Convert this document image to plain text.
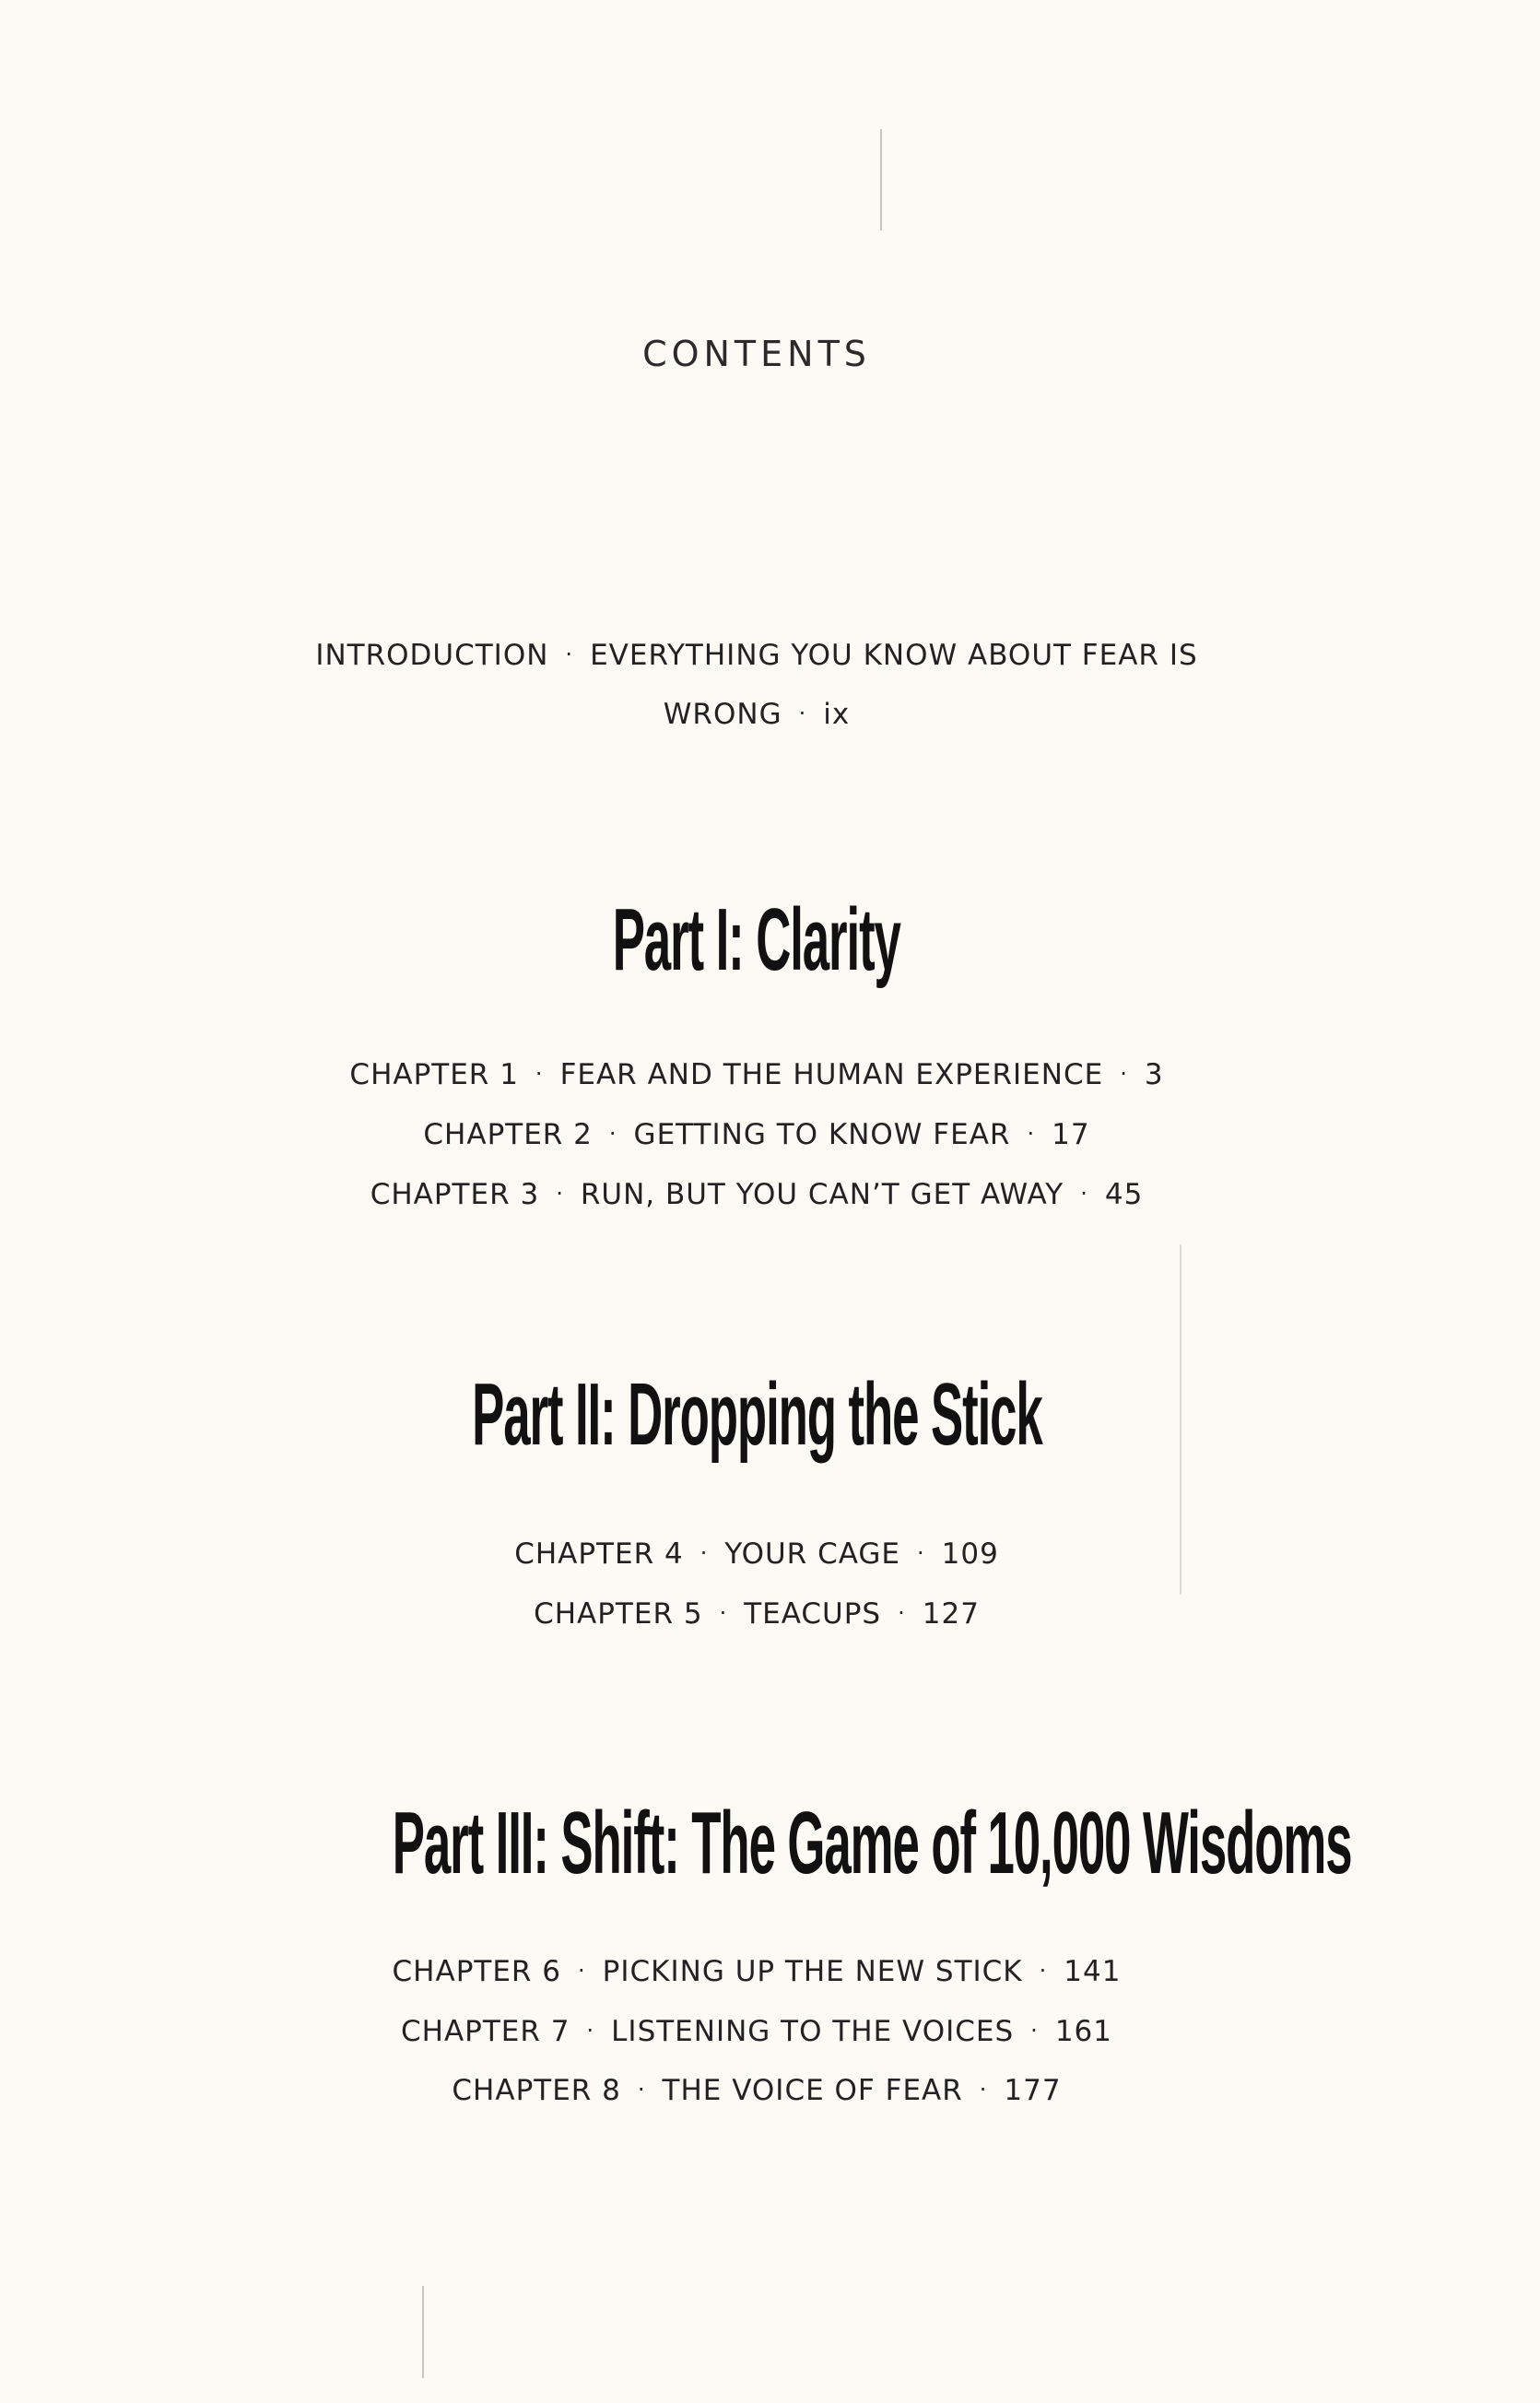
CONTENTS
INTRODUCTION · EVERYTHING YOU KNOW ABOUT FEAR IS
WRONG · ix
Part I: Clarity
CHAPTER 1 · FEAR AND THE HUMAN EXPERIENCE · 3
CHAPTER 2 · GETTING TO KNOW FEAR · 17
CHAPTER 3 · RUN, BUT YOU CAN’T GET AWAY · 45
Part II: Dropping the Stick
CHAPTER 4 · YOUR CAGE · 109
CHAPTER 5 · TEACUPS · 127
Part III: Shift: The Game of 10,000 Wisdoms
CHAPTER 6 · PICKING UP THE NEW STICK · 141
CHAPTER 7 · LISTENING TO THE VOICES · 161
CHAPTER 8 · THE VOICE OF FEAR · 177
